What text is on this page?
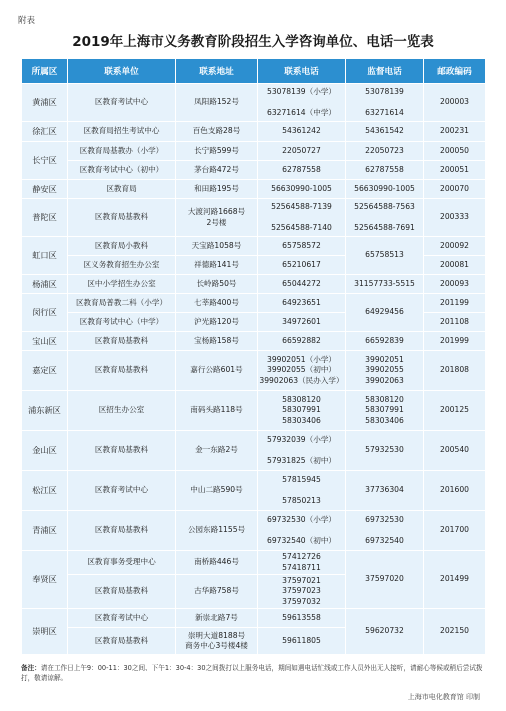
附表
2019年上海市义务教育阶段招生入学咨询单位、电话一览表
所属区	联系单位	联系地址	联系电话	监督电话	邮政编码
黄浦区	区教育考试中心	凤阳路152号	53078139（小学）

63271614（中学）	53078139

63271614	200003
徐汇区	区教育局招生考试中心	百色支路28号	54361242	54361542	200231
长宁区	区教育局基教办（小学）	长宁路599号	22050727	22050723	200050
	区教育考试中心（初中）	茅台路472号	62787558	62787558	200051
静安区	区教育局	和田路195号	56630990-1005	56630990-1005	200070
普陀区	区教育局基教科	大渡河路1668号
2号楼	52564588-7139

52564588-7140	52564588-7563

52564588-7691	200333
虹口区	区教育局小教科	天宝路1058号	65758572	65758513	200092
	区义务教育招生办公室	祥德路141号	65210617		200081
杨浦区	区中小学招生办公室	长岭路50号	65044272	31157733-5515	200093
闵行区	区教育局普教二科（小学）	七莘路400号	64923651	64929456	201199
	区教育考试中心（中学）	沪光路120号	34972601		201108
宝山区	区教育局基教科	宝杨路158号	66592882	66592839	201999
嘉定区	区教育局基教科	嘉行公路601号	39902051（小学）
39902055（初中）
39902063（民办入学）	39902051
39902055
39902063	201808
浦东新区	区招生办公室	南码头路118号	58308120
58307991
58303406	58308120
58307991
58303406	200125
金山区	区教育局基教科	金一东路2号	57932039（小学）

57931825（初中）	57932530	200540
松江区	区教育考试中心	中山二路590号	57815945

57850213	37736304	201600
青浦区	区教育局基教科	公园东路1155号	69732530（小学）

69732540（初中）	69732530

69732540	201700
奉贤区	区教育事务受理中心	南桥路446号	57412726
57418711	37597020	201499
	区教育局基教科	古华路758号	37597021
37597023
37597032		
崇明区	区教育考试中心	新崇北路7号	59613558	59620732	202150
	区教育局基教科	崇明大道8188号
商务中心3号楼4楼	59611805		
备注：请在工作日上午9：00-11：30之间、下午1：30-4：30之间拨打以上服务电话，期间如遇电话忙线或工作人员外出无人接听，请耐心等候或稍后尝试拨打，敬请谅解。
上海市电化教育馆 印制
